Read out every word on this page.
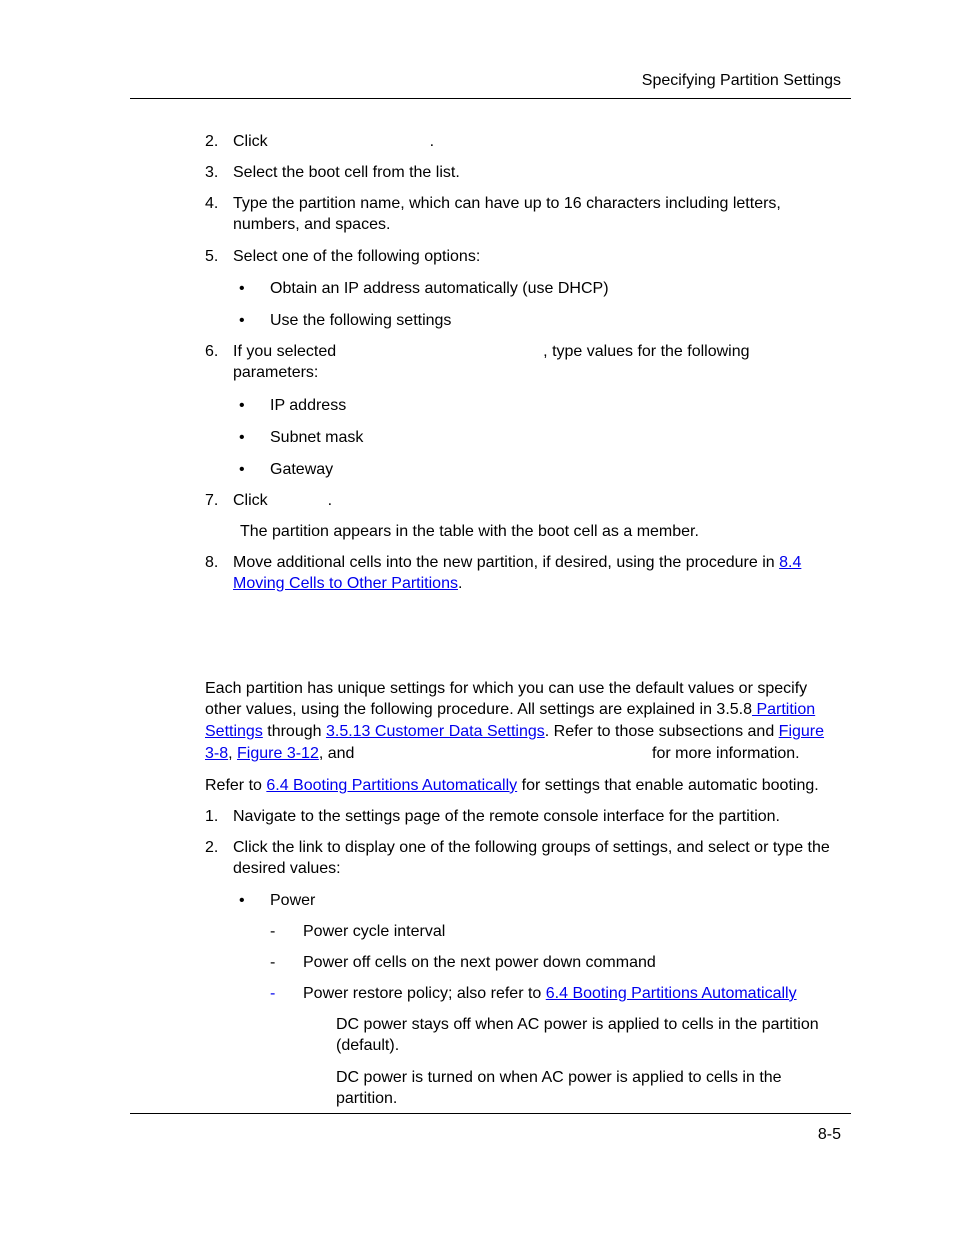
Specifying Partition Settings
2. Click	.
3. Select the boot cell from the list.
4. Type the partition name, which can have up to 16 characters including letters, numbers, and spaces.
5. Select one of the following options:
• Obtain an IP address automatically (use DHCP)
• Use the following settings
6. If you selected	, type values for the following
parameters:
• IP address
• Subnet mask
• Gateway
7. Click	.
The partition appears in the table with the boot cell as a member.
8. Move additional cells into the new partition, if desired, using the procedure in 8.4
Moving Cells to Other Partitions.
Each partition has unique settings for which you can use the default values or specify
other values, using the following procedure. All settings are explained in 3.5.8 Partition
Settings through 3.5.13 Customer Data Settings. Refer to those subsections and Figure
3-8, Figure 3-12, and	for more information.
Refer to 6.4 Booting Partitions Automatically for settings that enable automatic booting.
1. Navigate to the settings page of the remote console interface for the partition.
2. Click the link to display one of the following groups of settings, and select or type the desired values:
• Power
- Power cycle interval
- Power off cells on the next power down command
- Power restore policy; also refer to 6.4 Booting Partitions Automatically
DC power stays off when AC power is applied to cells in the partition (default).
DC power is turned on when AC power is applied to cells in the partition.
8-5
